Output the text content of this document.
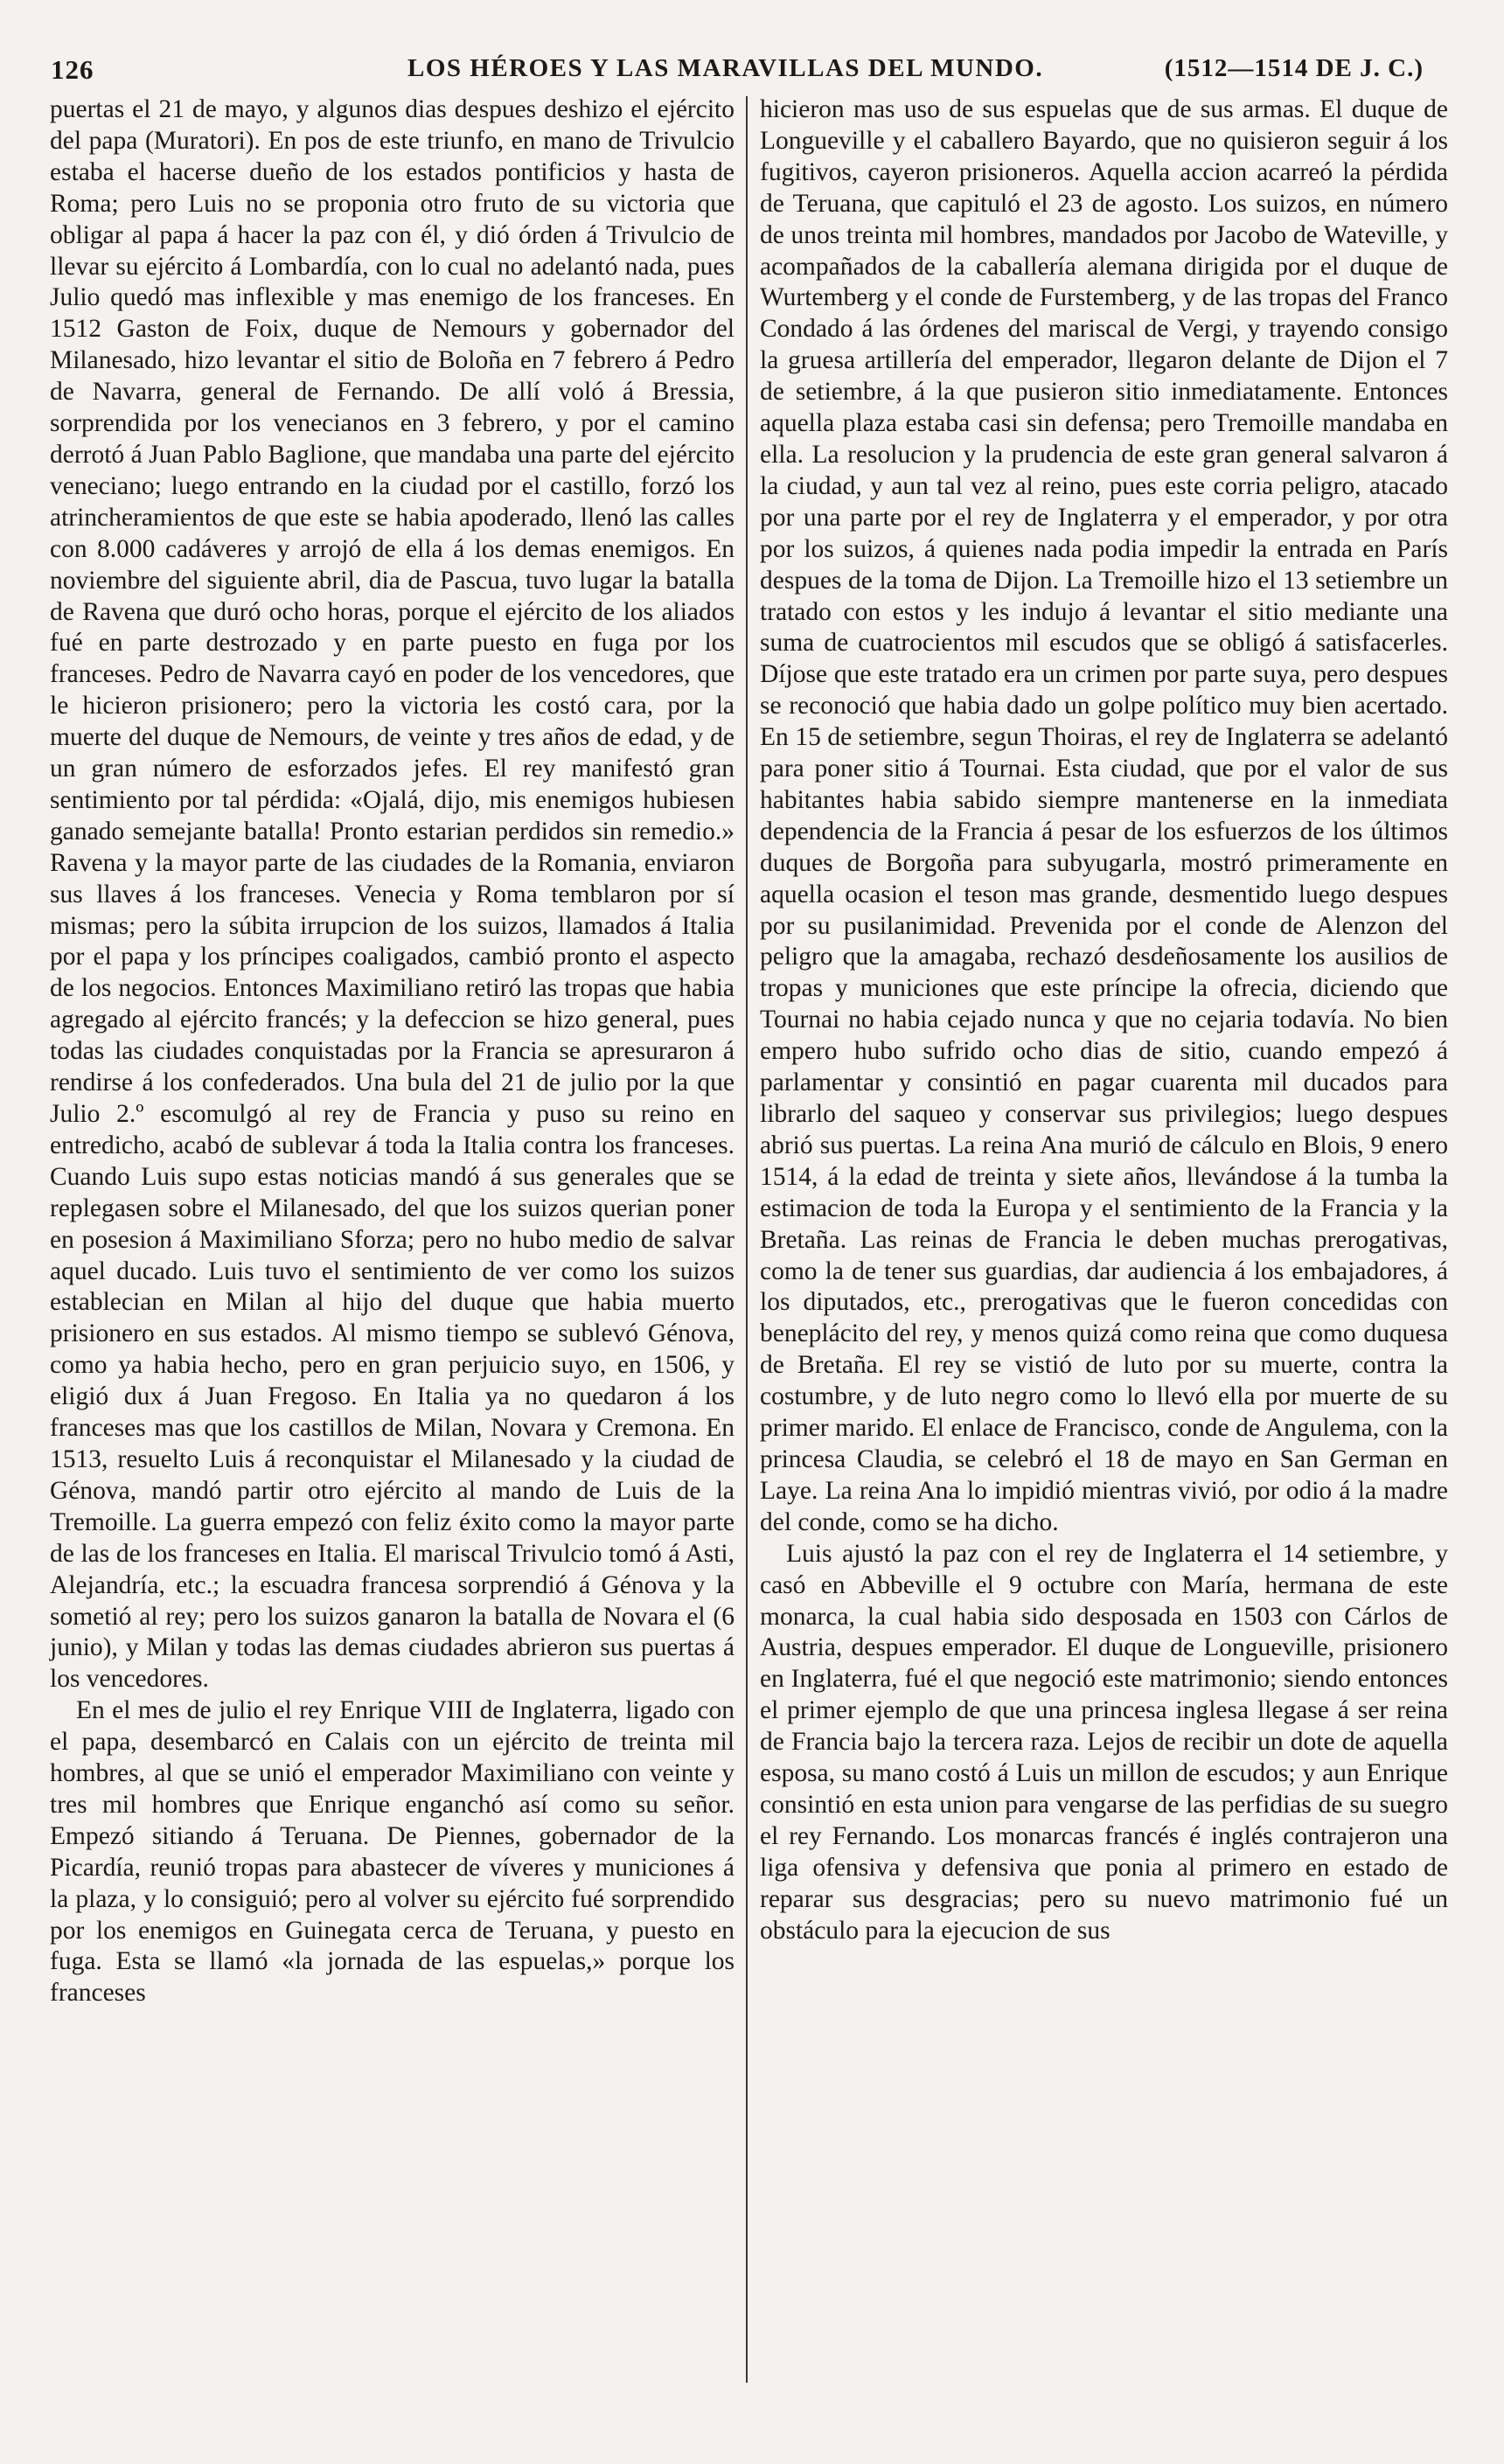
126	LOS HÉROES Y LAS MARAVILLAS DEL MUNDO.	(1512—1514 DE J. C.)

puertas el 21 de mayo, y algunos dias despues deshizo el ejército del papa (Muratori). En pos de este triunfo, en mano de Trivulcio estaba el hacerse dueño de los estados pontificios y hasta de Roma; pero Luis no se proponia otro fruto de su victoria que obligar al papa á hacer la paz con él, y dió órden á Trivulcio de llevar su ejército á Lombardía, con lo cual no adelantó nada, pues Julio quedó mas inflexible y mas enemigo de los franceses. En 1512 Gaston de Foix, duque de Nemours y gobernador del Milanesado, hizo levantar el sitio de Boloña en 7 febrero á Pedro de Navarra, general de Fernando. De allí voló á Bressia, sorprendida por los venecianos en 3 febrero, y por el camino derrotó á Juan Pablo Baglione, que mandaba una parte del ejército veneciano; luego entrando en la ciudad por el castillo, forzó los atrincheramientos de que este se habia apoderado, llenó las calles con 8.000 cadáveres y arrojó de ella á los demas enemigos. En noviembre del siguiente abril, dia de Pascua, tuvo lugar la batalla de Ravena que duró ocho horas, porque el ejército de los aliados fué en parte destrozado y en parte puesto en fuga por los franceses. Pedro de Navarra cayó en poder de los vencedores, que le hicieron prisionero; pero la victoria les costó cara, por la muerte del duque de Nemours, de veinte y tres años de edad, y de un gran número de esforzados jefes. El rey manifestó gran sentimiento por tal pérdida: «Ojalá, dijo, mis enemigos hubiesen ganado semejante batalla! Pronto estarian perdidos sin remedio.» Ravena y la mayor parte de las ciudades de la Romania, enviaron sus llaves á los franceses. Venecia y Roma temblaron por sí mismas; pero la súbita irrupcion de los suizos, llamados á Italia por el papa y los príncipes coaligados, cambió pronto el aspecto de los negocios. Entonces Maximiliano retiró las tropas que habia agregado al ejército francés; y la defeccion se hizo general, pues todas las ciudades conquistadas por la Francia se apresuraron á rendirse á los confederados. Una bula del 21 de julio por la que Julio 2.º escomulgó al rey de Francia y puso su reino en entredicho, acabó de sublevar á toda la Italia contra los franceses. Cuando Luis supo estas noticias mandó á sus generales que se replegasen sobre el Milanesado, del que los suizos querian poner en posesion á Maximiliano Sforza; pero no hubo medio de salvar aquel ducado. Luis tuvo el sentimiento de ver como los suizos establecian en Milan al hijo del duque que habia muerto prisionero en sus estados. Al mismo tiempo se sublevó Génova, como ya habia hecho, pero en gran perjuicio suyo, en 1506, y eligió dux á Juan Fregoso. En Italia ya no quedaron á los franceses mas que los castillos de Milan, Novara y Cremona. En 1513, resuelto Luis á reconquistar el Milanesado y la ciudad de Génova, mandó partir otro ejército al mando de Luis de la Tremoille. La guerra empezó con feliz éxito como la mayor parte de las de los franceses en Italia. El mariscal Trivulcio tomó á Asti, Alejandría, etc.; la escuadra francesa sorprendió á Génova y la sometió al rey; pero los suizos ganaron la batalla de Novara el (6 junio), y Milan y todas las demas ciudades abrieron sus puertas á los vencedores.

En el mes de julio el rey Enrique VIII de Inglaterra, ligado con el papa, desembarcó en Calais con un ejército de treinta mil hombres, al que se unió el emperador Maximiliano con veinte y tres mil hombres que Enrique enganchó así como su señor. Empezó sitiando á Teruana. De Piennes, gobernador de la Picardía, reunió tropas para abastecer de víveres y municiones á la plaza, y lo consiguió; pero al volver su ejército fué sorprendido por los enemigos en Guinegata cerca de Teruana, y puesto en fuga. Esta se llamó «la jornada de las espuelas,» porque los franceses

hicieron mas uso de sus espuelas que de sus armas. El duque de Longueville y el caballero Bayardo, que no quisieron seguir á los fugitivos, cayeron prisioneros. Aquella accion acarreó la pérdida de Teruana, que capituló el 23 de agosto. Los suizos, en número de unos treinta mil hombres, mandados por Jacobo de Wateville, y acompañados de la caballería alemana dirigida por el duque de Wurtemberg y el conde de Furstemberg, y de las tropas del Franco Condado á las órdenes del mariscal de Vergi, y trayendo consigo la gruesa artillería del emperador, llegaron delante de Dijon el 7 de setiembre, á la que pusieron sitio inmediatamente. Entonces aquella plaza estaba casi sin defensa; pero Tremoille mandaba en ella. La resolucion y la prudencia de este gran general salvaron á la ciudad, y aun tal vez al reino, pues este corria peligro, atacado por una parte por el rey de Inglaterra y el emperador, y por otra por los suizos, á quienes nada podia impedir la entrada en París despues de la toma de Dijon. La Tremoille hizo el 13 setiembre un tratado con estos y les indujo á levantar el sitio mediante una suma de cuatrocientos mil escudos que se obligó á satisfacerles. Díjose que este tratado era un crimen por parte suya, pero despues se reconoció que habia dado un golpe político muy bien acertado. En 15 de setiembre, segun Thoiras, el rey de Inglaterra se adelantó para poner sitio á Tournai. Esta ciudad, que por el valor de sus habitantes habia sabido siempre mantenerse en la inmediata dependencia de la Francia á pesar de los esfuerzos de los últimos duques de Borgoña para subyugarla, mostró primeramente en aquella ocasion el teson mas grande, desmentido luego despues por su pusilanimidad. Prevenida por el conde de Alenzon del peligro que la amagaba, rechazó desdeñosamente los ausilios de tropas y municiones que este príncipe la ofrecia, diciendo que Tournai no habia cejado nunca y que no cejaria todavía. No bien empero hubo sufrido ocho dias de sitio, cuando empezó á parlamentar y consintió en pagar cuarenta mil ducados para librarlo del saqueo y conservar sus privilegios; luego despues abrió sus puertas. La reina Ana murió de cálculo en Blois, 9 enero 1514, á la edad de treinta y siete años, llevándose á la tumba la estimacion de toda la Europa y el sentimiento de la Francia y la Bretaña. Las reinas de Francia le deben muchas prerogativas, como la de tener sus guardias, dar audiencia á los embajadores, á los diputados, etc., prerogativas que le fueron concedidas con beneplácito del rey, y menos quizá como reina que como duquesa de Bretaña. El rey se vistió de luto por su muerte, contra la costumbre, y de luto negro como lo llevó ella por muerte de su primer marido. El enlace de Francisco, conde de Angulema, con la princesa Claudia, se celebró el 18 de mayo en San German en Laye. La reina Ana lo impidió mientras vivió, por odio á la madre del conde, como se ha dicho.

Luis ajustó la paz con el rey de Inglaterra el 14 setiembre, y casó en Abbeville el 9 octubre con María, hermana de este monarca, la cual habia sido desposada en 1503 con Cárlos de Austria, despues emperador. El duque de Longueville, prisionero en Inglaterra, fué el que negoció este matrimonio; siendo entonces el primer ejemplo de que una princesa inglesa llegase á ser reina de Francia bajo la tercera raza. Lejos de recibir un dote de aquella esposa, su mano costó á Luis un millon de escudos; y aun Enrique consintió en esta union para vengarse de las perfidias de su suegro el rey Fernando. Los monarcas francés é inglés contrajeron una liga ofensiva y defensiva que ponia al primero en estado de reparar sus desgracias; pero su nuevo matrimonio fué un obstáculo para la ejecucion de sus
